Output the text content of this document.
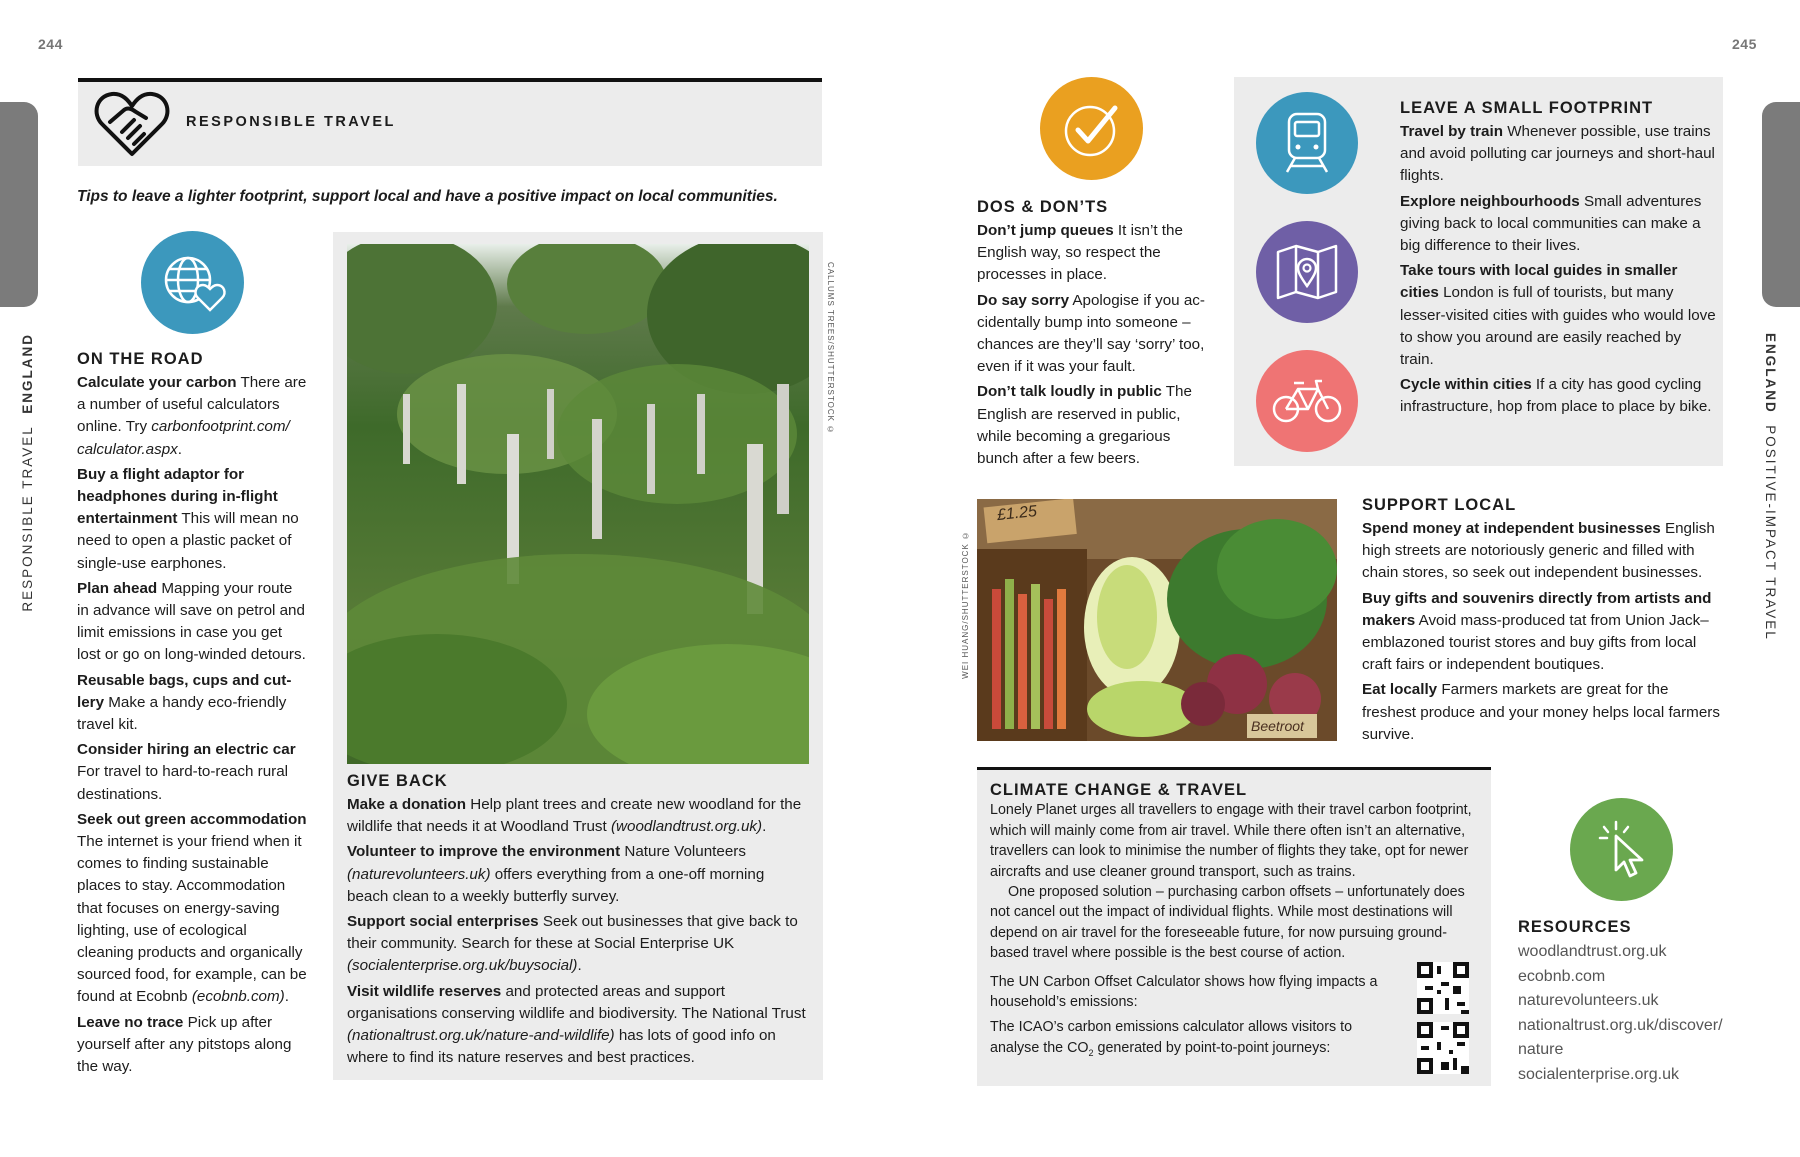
244	245
RESPONSIBLE TRAVEL  ENGLAND	ENGLAND  POSITIVE-IMPACT TRAVEL
RESPONSIBLE TRAVEL
Tips to leave a lighter footprint, support local and have a positive impact on local communities.
ON THE ROAD

Calculate your carbon There are a number of useful calculators online. Try carbonfootprint.com/ calculator.aspx.

Buy a flight adaptor for headphones during in-flight entertainment This will mean no need to open a plastic packet of single-use earphones.

Plan ahead Mapping your route in advance will save on petrol and limit emissions in case you get lost or go on long-winded detours.

Reusable bags, cups and cutlery Make a handy eco-friendly travel kit.

Consider hiring an electric car For travel to hard-to-reach rural destinations.

Seek out green accommodation The internet is your friend when it comes to finding sustainable places to stay. Accommodation that focuses on energy-saving lighting, use of ecological cleaning products and organically sourced food, for example, can be found at Ecobnb (ecobnb.com).

Leave no trace Pick up after yourself after any pitstops along the way.

CALLUMS TREES/SHUTTERSTOCK ©
GIVE BACK

Make a donation Help plant trees and create new woodland for the wildlife that needs it at Woodland Trust (woodlandtrust.org.uk).

Volunteer to improve the environment Nature Volunteers (naturevolunteers.uk) offers everything from a one-off morning beach clean to a weekly butterfly survey.

Support social enterprises Seek out businesses that give back to their community. Search for these at Social Enterprise UK (socialenterprise.org.uk/buysocial).

Visit wildlife reserves and protected areas and support organisations conserving wildlife and biodiversity. The National Trust (nationaltrust.org.uk/nature-and-wildlife) has lots of good info on where to find its nature reserves and best practices.

DOS & DON’TS

Don’t jump queues It isn’t the English way, so respect the processes in place.

Do say sorry Apologise if you accidentally bump into someone – chances are they’ll say ‘sorry’ too, even if it was your fault.

Don’t talk loudly in public The English are reserved in public, while becoming a gregarious bunch after a few beers.

LEAVE A SMALL FOOTPRINT

Travel by train Whenever possible, use trains and avoid polluting car journeys and short-haul flights.

Explore neighbourhoods Small adventures giving back to local communities can make a big difference to their lives.

Take tours with local guides in smaller cities London is full of tourists, but many lesser-visited cities with guides who would love to show you around are easily reached by train.

Cycle within cities If a city has good cycling infrastructure, hop from place to place by bike.

WEI HUANG/SHUTTERSTOCK ©
£1.25
Beetroot
SUPPORT LOCAL

Spend money at independent businesses English high streets are notoriously generic and filled with chain stores, so seek out independent businesses.

Buy gifts and souvenirs directly from artists and makers Avoid mass-produced tat from Union Jack–emblazoned tourist stores and buy gifts from local craft fairs or independent boutiques.

Eat locally Farmers markets are great for the freshest produce and your money helps local farmers survive.

CLIMATE CHANGE & TRAVEL
Lonely Planet urges all travellers to engage with their travel carbon footprint, which will mainly come from air travel. While there often isn’t an alternative, travellers can look to minimise the number of flights they take, opt for newer aircrafts and use cleaner ground transport, such as trains.
One proposed solution – purchasing carbon offsets – unfortunately does not cancel out the impact of individual flights. While most destinations will depend on air travel for the foreseeable future, for now pursuing ground-based travel where possible is the best course of action.
The UN Carbon Offset Calculator shows how flying impacts a household’s emissions:
The ICAO’s carbon emissions calculator allows visitors to analyse the $CO_2$ generated by point-to-point journeys:
RESOURCES
woodlandtrust.org.uk
ecobnb.com
naturevolunteers.uk
nationaltrust.org.uk/discover/ nature
socialenterprise.org.uk
